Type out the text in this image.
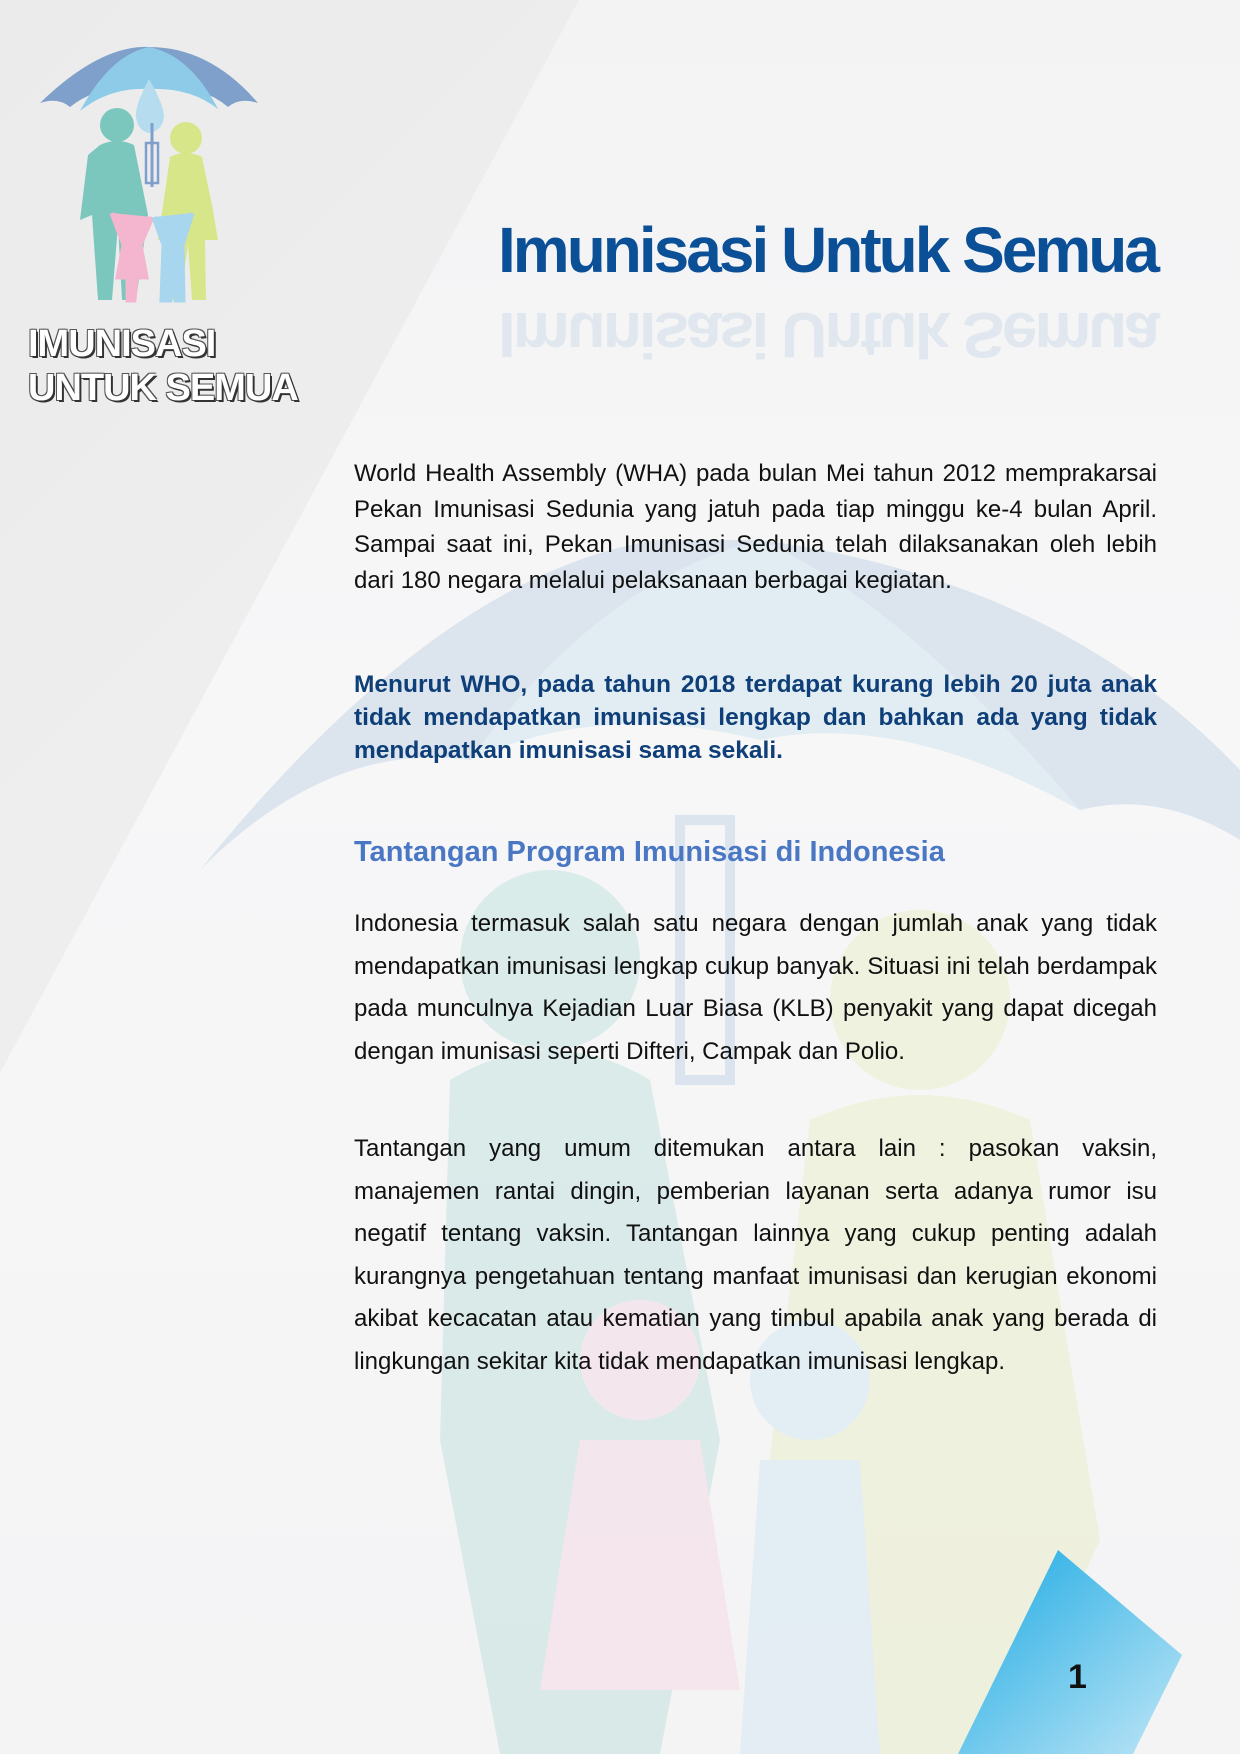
IMUNISASI
UNTUK SEMUA
Imunisasi Untuk Semua
Imunisasi Untuk Semua

World Health Assembly (WHA) pada bulan Mei tahun 2012 memprakarsai Pekan Imunisasi Sedunia yang jatuh pada tiap minggu ke-4 bulan April. Sampai saat ini, Pekan Imunisasi Sedunia telah dilaksanakan oleh lebih dari 180 negara melalui pelaksanaan berbagai kegiatan.

Menurut WHO, pada tahun 2018 terdapat kurang lebih 20 juta anak tidak mendapatkan imunisasi lengkap dan bahkan ada yang tidak mendapatkan imunisasi sama sekali.

Tantangan Program Imunisasi di Indonesia

Indonesia termasuk salah satu negara dengan jumlah anak yang tidak mendapatkan imunisasi lengkap cukup banyak. Situasi ini telah berdampak pada munculnya Kejadian Luar Biasa (KLB) penyakit yang dapat dicegah dengan imunisasi seperti Difteri, Campak dan Polio.

Tantangan yang umum ditemukan antara lain : pasokan vaksin, manajemen rantai dingin, pemberian layanan serta adanya rumor isu negatif tentang vaksin. Tantangan lainnya yang cukup penting adalah kurangnya pengetahuan tentang manfaat imunisasi dan kerugian ekonomi akibat kecacatan atau kematian yang timbul apabila anak yang berada di lingkungan sekitar kita tidak mendapatkan imunisasi lengkap.

1
